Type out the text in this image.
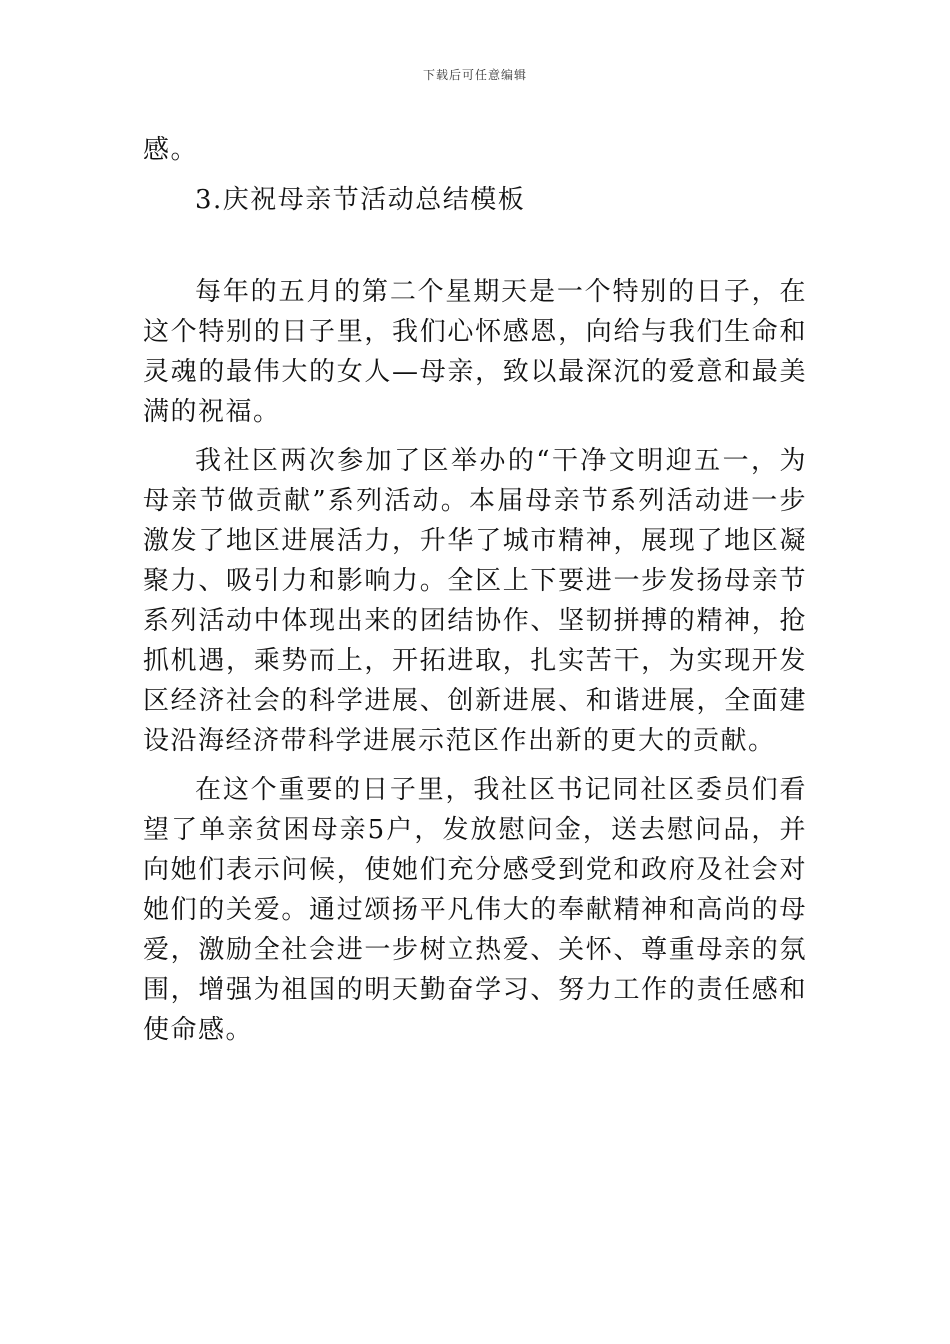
下载后可任意编辑
感。
3.庆祝母亲节活动总结模板

每年的五月的第二个星期天是一个特别的日子，在这个特别的日子里，我们心怀感恩，向给与我们生命和灵魂的最伟大的女人—母亲，致以最深沉的爱意和最美满的祝福。

我社区两次参加了区举办的“干净文明迎五一，为母亲节做贡献”系列活动。本届母亲节系列活动进一步激发了地区进展活力，升华了城市精神，展现了地区凝聚力、吸引力和影响力。全区上下要进一步发扬母亲节系列活动中体现出来的团结协作、坚韧拼搏的精神，抢抓机遇，乘势而上，开拓进取，扎实苦干，为实现开发区经济社会的科学进展、创新进展、和谐进展，全面建设沿海经济带科学进展示范区作出新的更大的贡献。

在这个重要的日子里，我社区书记同社区委员们看望了单亲贫困母亲5户，发放慰问金，送去慰问品，并向她们表示问候，使她们充分感受到党和政府及社会对她们的关爱。通过颂扬平凡伟大的奉献精神和高尚的母爱，激励全社会进一步树立热爱、关怀、尊重母亲的氛围，增强为祖国的明天勤奋学习、努力工作的责任感和使命感。
